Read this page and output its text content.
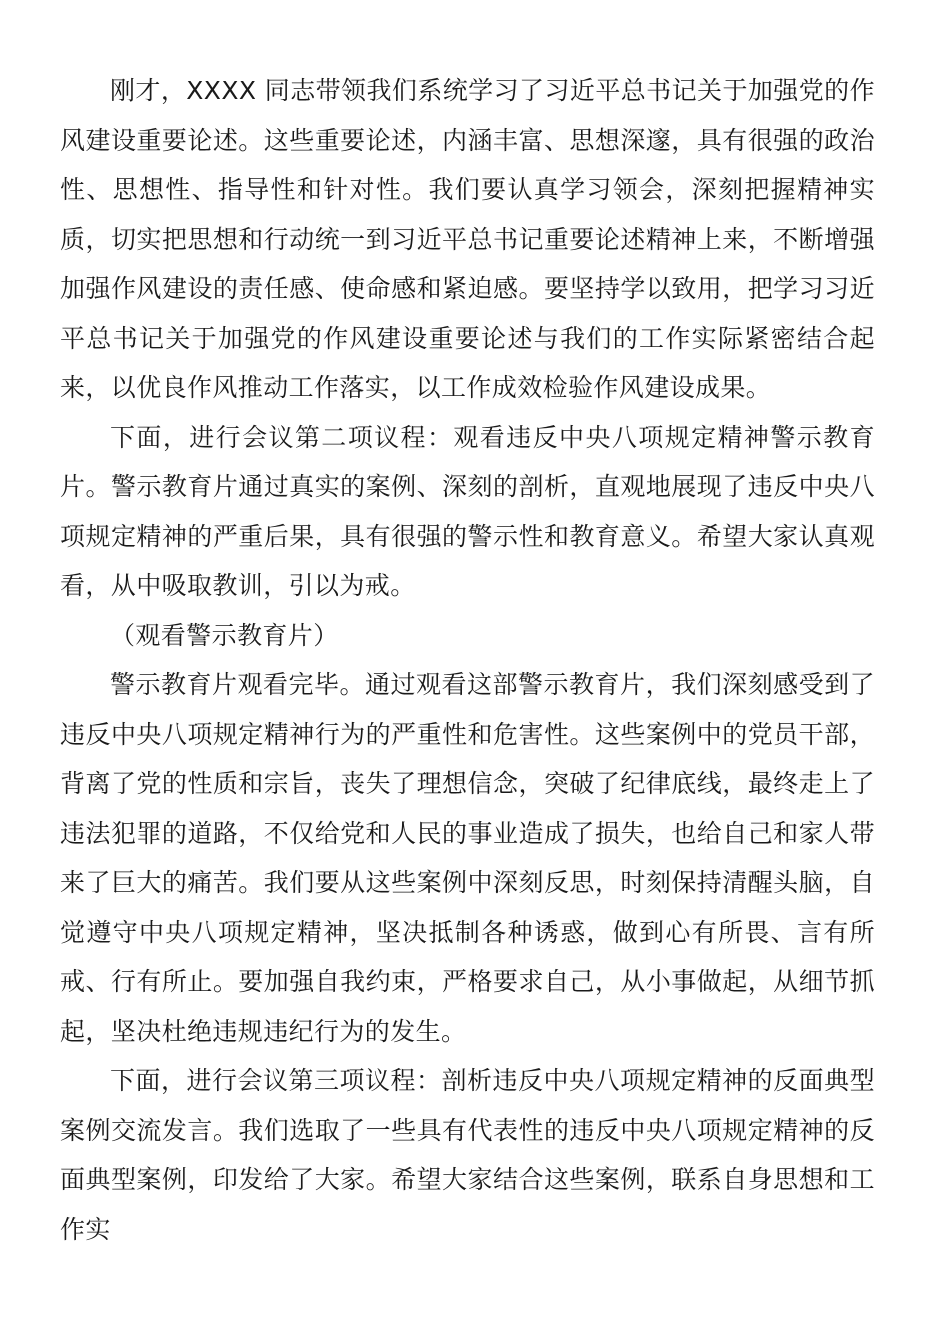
刚才，XXXX 同志带领我们系统学习了习近平总书记关于加强党的作风建设重要论述。这些重要论述，内涵丰富、思想深邃，具有很强的政治性、思想性、指导性和针对性。我们要认真学习领会，深刻把握精神实质，切实把思想和行动统一到习近平总书记重要论述精神上来，不断增强加强作风建设的责任感、使命感和紧迫感。要坚持学以致用，把学习习近平总书记关于加强党的作风建设重要论述与我们的工作实际紧密结合起来，以优良作风推动工作落实，以工作成效检验作风建设成果。

下面，进行会议第二项议程：观看违反中央八项规定精神警示教育片。警示教育片通过真实的案例、深刻的剖析，直观地展现了违反中央八项规定精神的严重后果，具有很强的警示性和教育意义。希望大家认真观看，从中吸取教训，引以为戒。

（观看警示教育片）

警示教育片观看完毕。通过观看这部警示教育片，我们深刻感受到了违反中央八项规定精神行为的严重性和危害性。这些案例中的党员干部，背离了党的性质和宗旨，丧失了理想信念，突破了纪律底线，最终走上了违法犯罪的道路，不仅给党和人民的事业造成了损失，也给自己和家人带来了巨大的痛苦。我们要从这些案例中深刻反思，时刻保持清醒头脑，自觉遵守中央八项规定精神，坚决抵制各种诱惑，做到心有所畏、言有所戒、行有所止。要加强自我约束，严格要求自己，从小事做起，从细节抓起，坚决杜绝违规违纪行为的发生。

下面，进行会议第三项议程：剖析违反中央八项规定精神的反面典型案例交流发言。我们选取了一些具有代表性的违反中央八项规定精神的反面典型案例，印发给了大家。希望大家结合这些案例，联系自身思想和工作实
